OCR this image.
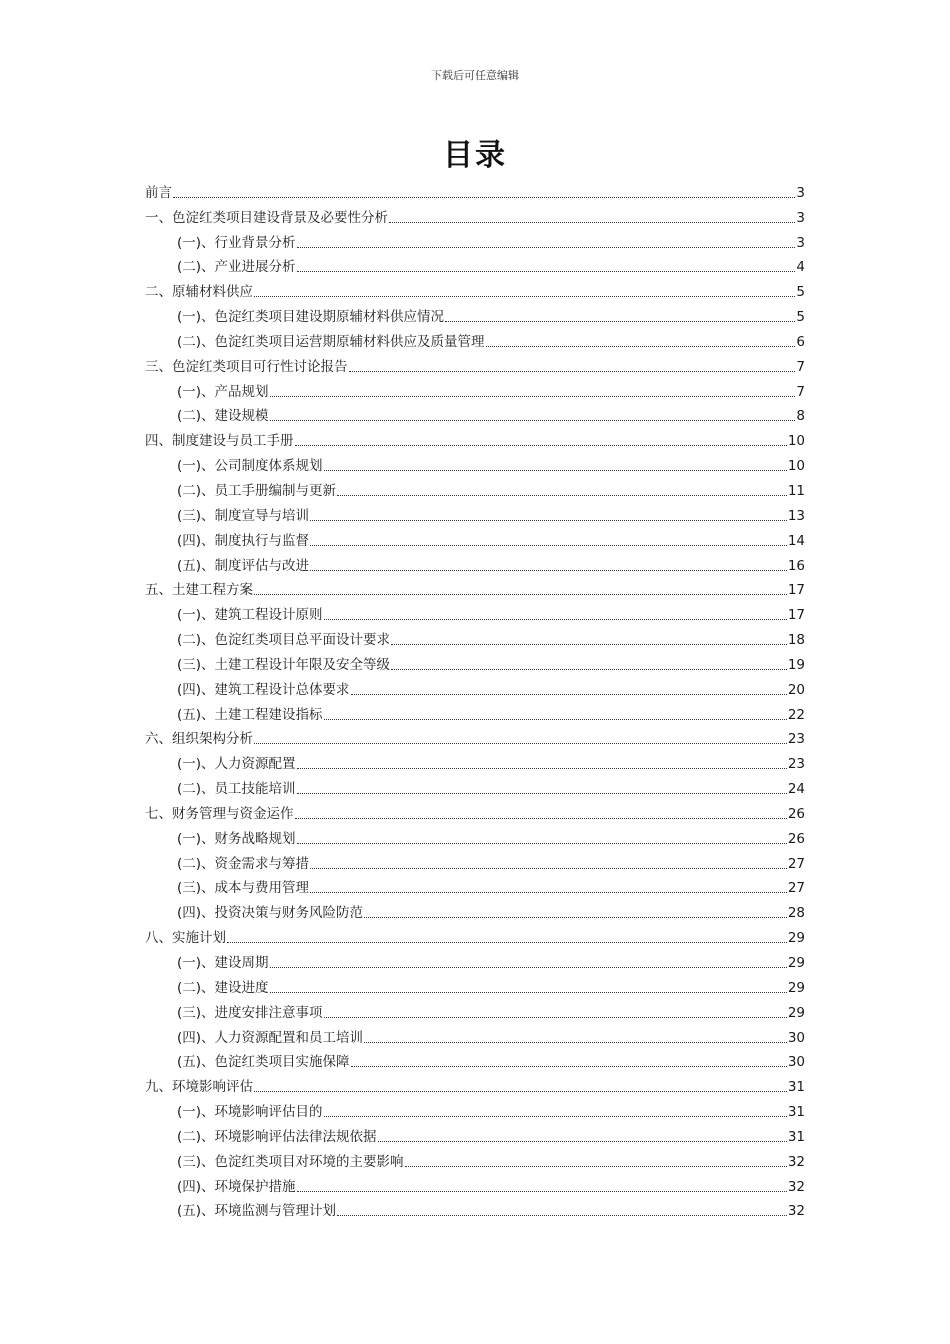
下载后可任意编辑
目录
前言	3
一、色淀红类项目建设背景及必要性分析	3
(一)、行业背景分析	3
(二)、产业进展分析	4
二、原辅材料供应	5
(一)、色淀红类项目建设期原辅材料供应情况	5
(二)、色淀红类项目运营期原辅材料供应及质量管理	6
三、色淀红类项目可行性讨论报告	7
(一)、产品规划	7
(二)、建设规模	8
四、制度建设与员工手册	10
(一)、公司制度体系规划	10
(二)、员工手册编制与更新	11
(三)、制度宣导与培训	13
(四)、制度执行与监督	14
(五)、制度评估与改进	16
五、土建工程方案	17
(一)、建筑工程设计原则	17
(二)、色淀红类项目总平面设计要求	18
(三)、土建工程设计年限及安全等级	19
(四)、建筑工程设计总体要求	20
(五)、土建工程建设指标	22
六、组织架构分析	23
(一)、人力资源配置	23
(二)、员工技能培训	24
七、财务管理与资金运作	26
(一)、财务战略规划	26
(二)、资金需求与筹措	27
(三)、成本与费用管理	27
(四)、投资决策与财务风险防范	28
八、实施计划	29
(一)、建设周期	29
(二)、建设进度	29
(三)、进度安排注意事项	29
(四)、人力资源配置和员工培训	30
(五)、色淀红类项目实施保障	30
九、环境影响评估	31
(一)、环境影响评估目的	31
(二)、环境影响评估法律法规依据	31
(三)、色淀红类项目对环境的主要影响	32
(四)、环境保护措施	32
(五)、环境监测与管理计划	32
